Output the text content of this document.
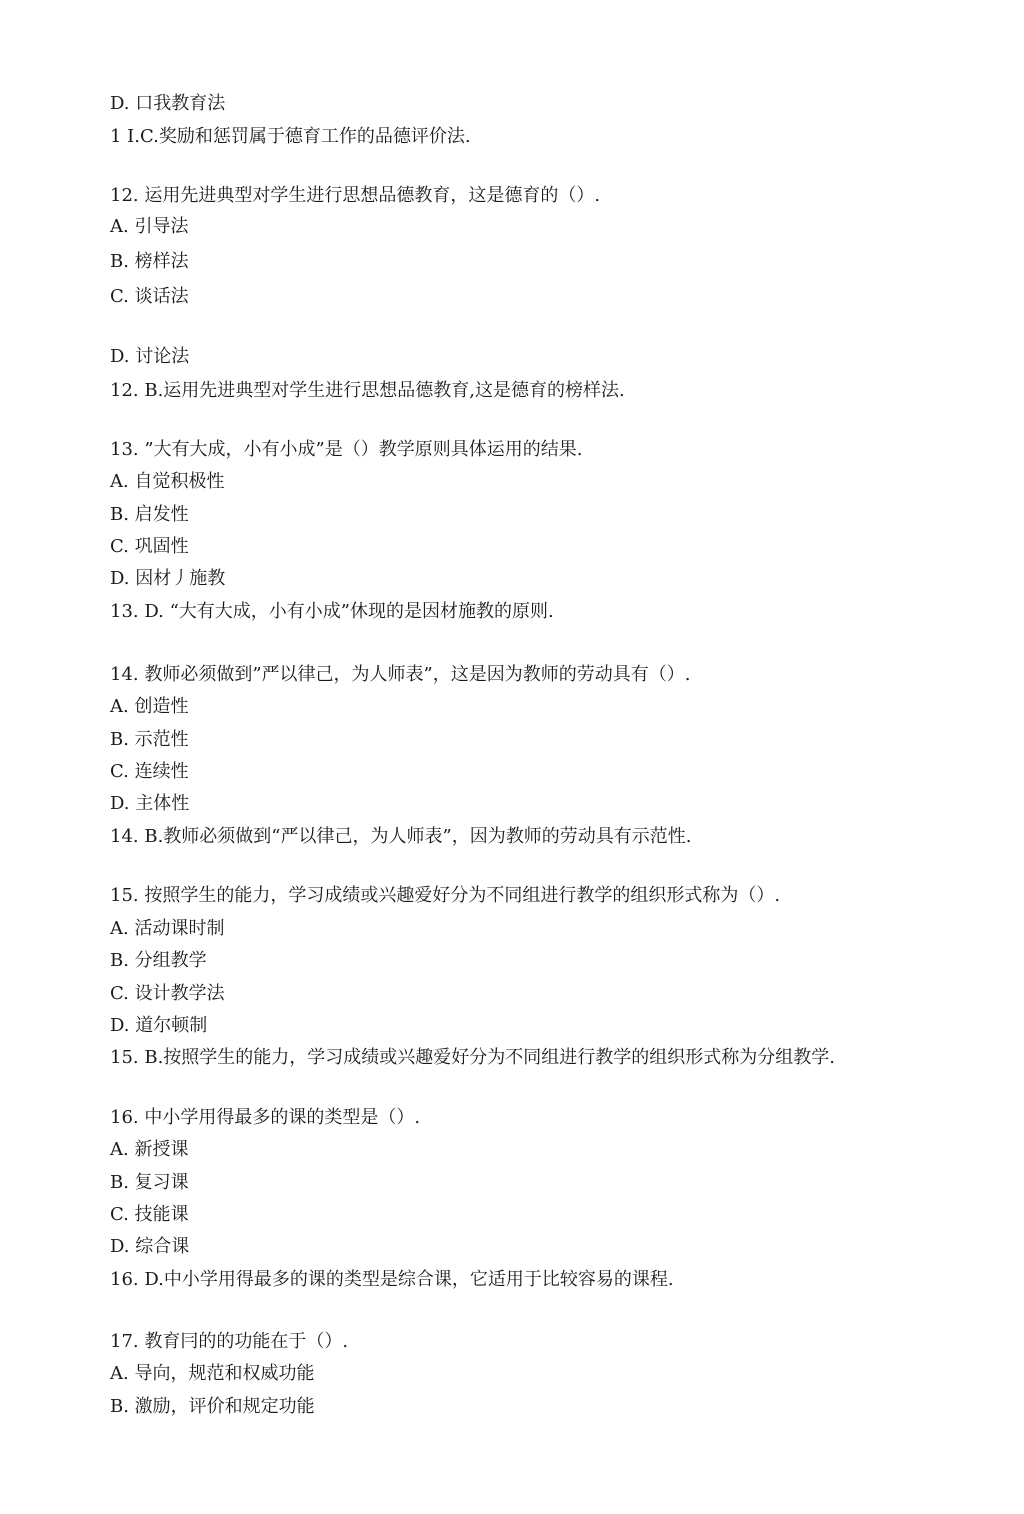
D. 口我教育法
1 I.C.奖励和惩罚属于德育工作的品德评价法.
12. 运用先进典型对学生进行思想品德教育，这是德育的（）.
A. 引导法
B. 榜样法
C. 谈话法
D. 讨论法
12. B.运用先进典型对学生进行思想品德教育,这是德育的榜样法.
13. ”大有大成，小有小成”是（）教学原则具体运用的结果.
A. 自觉积极性
B. 启发性
C. 巩固性
D. 因材丿施教
13. D. “大有大成，小有小成”休现的是因材施教的原则.
14. 教师必须做到”严以律己，为人师表”，这是因为教师的劳动具有（）.
A. 创造性
B. 示范性
C. 连续性
D. 主体性
14. B.教师必须做到“严以律己，为人师表”，因为教师的劳动具有示范性.
15. 按照学生的能力，学习成绩或兴趣爱好分为不同组进行教学的组织形式称为（）.
A. 活动课时制
B. 分组教学
C. 设计教学法
D. 道尔顿制
15. B.按照学生的能力，学习成绩或兴趣爱好分为不同组进行教学的组织形式称为分组教学.
16. 中小学用得最多的课的类型是（）.
A. 新授课
B. 复习课
C. 技能课
D. 综合课
16. D.中小学用得最多的课的类型是综合课，它适用于比较容易的课程.
17. 教育冃的的功能在于（）.
A. 导向，规范和权威功能
B. 激励，评价和规定功能
